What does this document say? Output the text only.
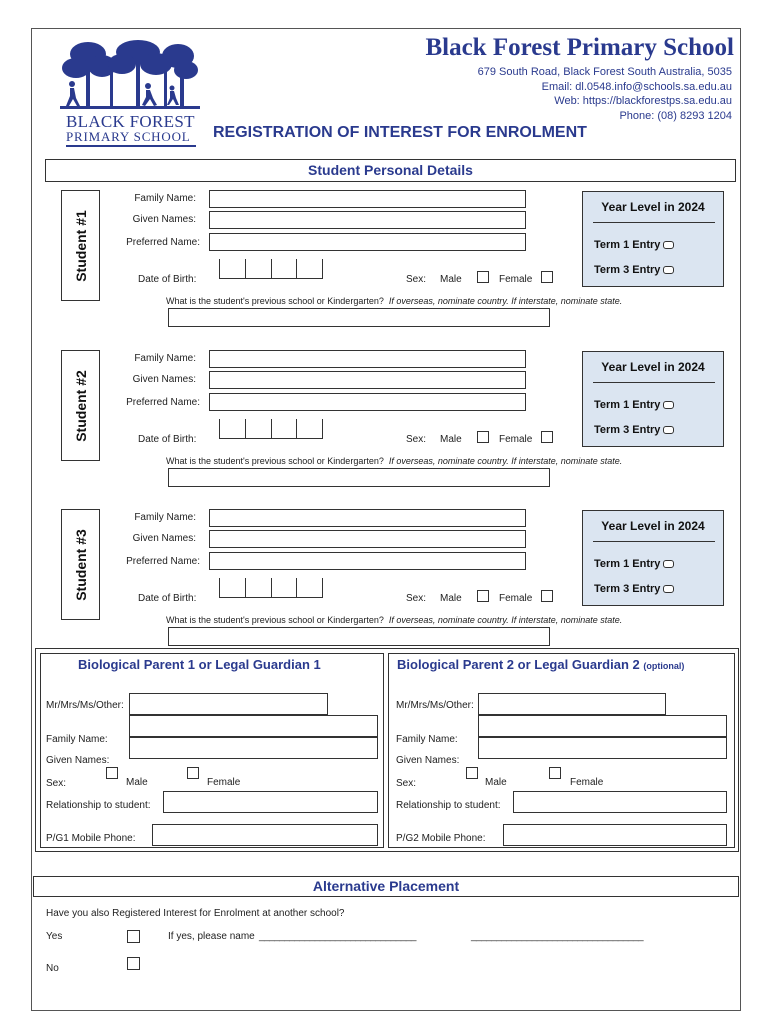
BLACK FOREST
PRIMARY SCHOOL
Black Forest Primary School
679 South Road, Black Forest South Australia, 5035
Email: dl.0548.info@schools.sa.edu.au
Web: https://blackforestps.sa.edu.au
Phone: (08) 8293 1204
REGISTRATION OF INTEREST FOR ENROLMENT
Student Personal Details
Student #1
Family Name:
Given Names:
Preferred Name:
Date of Birth:	Sex: Male	Female
What is the student's previous school or Kindergarten? If overseas, nominate country. If interstate, nominate state.
Year Level in 2024
Term 1 Entry
Term 3 Entry
Student #2
Family Name:
Given Names:
Preferred Name:
Date of Birth:	Sex: Male	Female
What is the student's previous school or Kindergarten? If overseas, nominate country. If interstate, nominate state.
Year Level in 2024
Term 1 Entry
Term 3 Entry
Student #3
Family Name:
Given Names:
Preferred Name:
Date of Birth:	Sex: Male	Female
What is the student's previous school or Kindergarten? If overseas, nominate country. If interstate, nominate state.
Year Level in 2024
Term 1 Entry
Term 3 Entry
Biological Parent 1 or Legal Guardian 1	Biological Parent 2 or Legal Guardian 2 (optional)
Mr/Mrs/Ms/Other:
Family Name:
Given Names:
Sex:	Male	Female
Relationship to student:
P/G1 Mobile Phone:
Mr/Mrs/Ms/Other:
Family Name:
Given Names:
Sex:	Male	Female
Relationship to student:
P/G2 Mobile Phone:
Alternative Placement
Have you also Registered Interest for Enrolment at another school?
Yes	If yes, please name _______________________________	__________________________________
No
